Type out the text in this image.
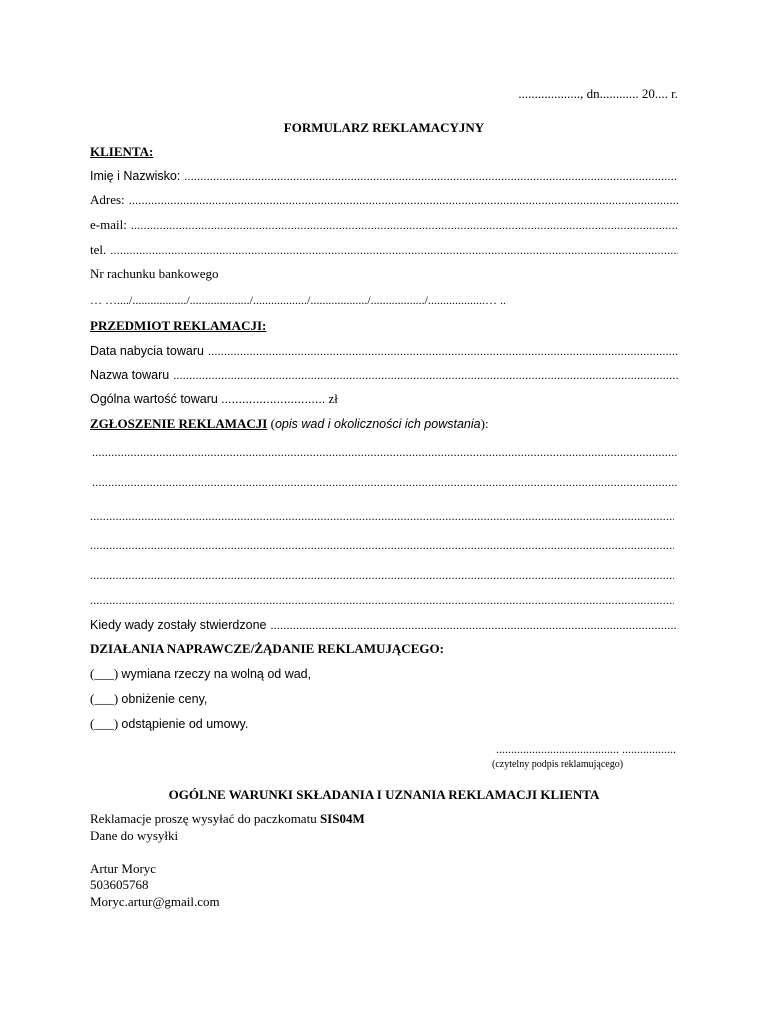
..................., dn............ 20.... r.
FORMULARZ REKLAMACYJNY
KLIENTA:
Imię i Nazwisko:
.....
Adres:
.....
e-mail:
.....
tel.
.....
Nr rachunku bankowego
… …..../................../..................../................../.................../................../...................… ..
PRZEDMIOT REKLAMACJI:
Data nabycia towaru
.....
Nazwa towaru
.....
Ogólna wartość towaru .............................. zł
ZGŁOSZENIE REKLAMACJI (opis wad i okoliczności ich powstania):
.....
.....
.....
.....
.....
.....
Kiedy wady zostały stwierdzone
.....
DZIAŁANIA NAPRAWCZE/ŻĄDANIE REKLAMUJĄCEGO:
(___) wymiana rzeczy na wolną od wad,
(___) obniżenie ceny,
(___) odstąpienie od umowy.
......................................... ..................
(czytelny podpis reklamującego)
OGÓLNE WARUNKI SKŁADANIA I UZNANIA REKLAMACJI KLIENTA
Reklamacje proszę wysyłać do paczkomatu SIS04M
Dane do wysyłki
Artur Moryc
503605768
Moryc.artur@gmail.com
